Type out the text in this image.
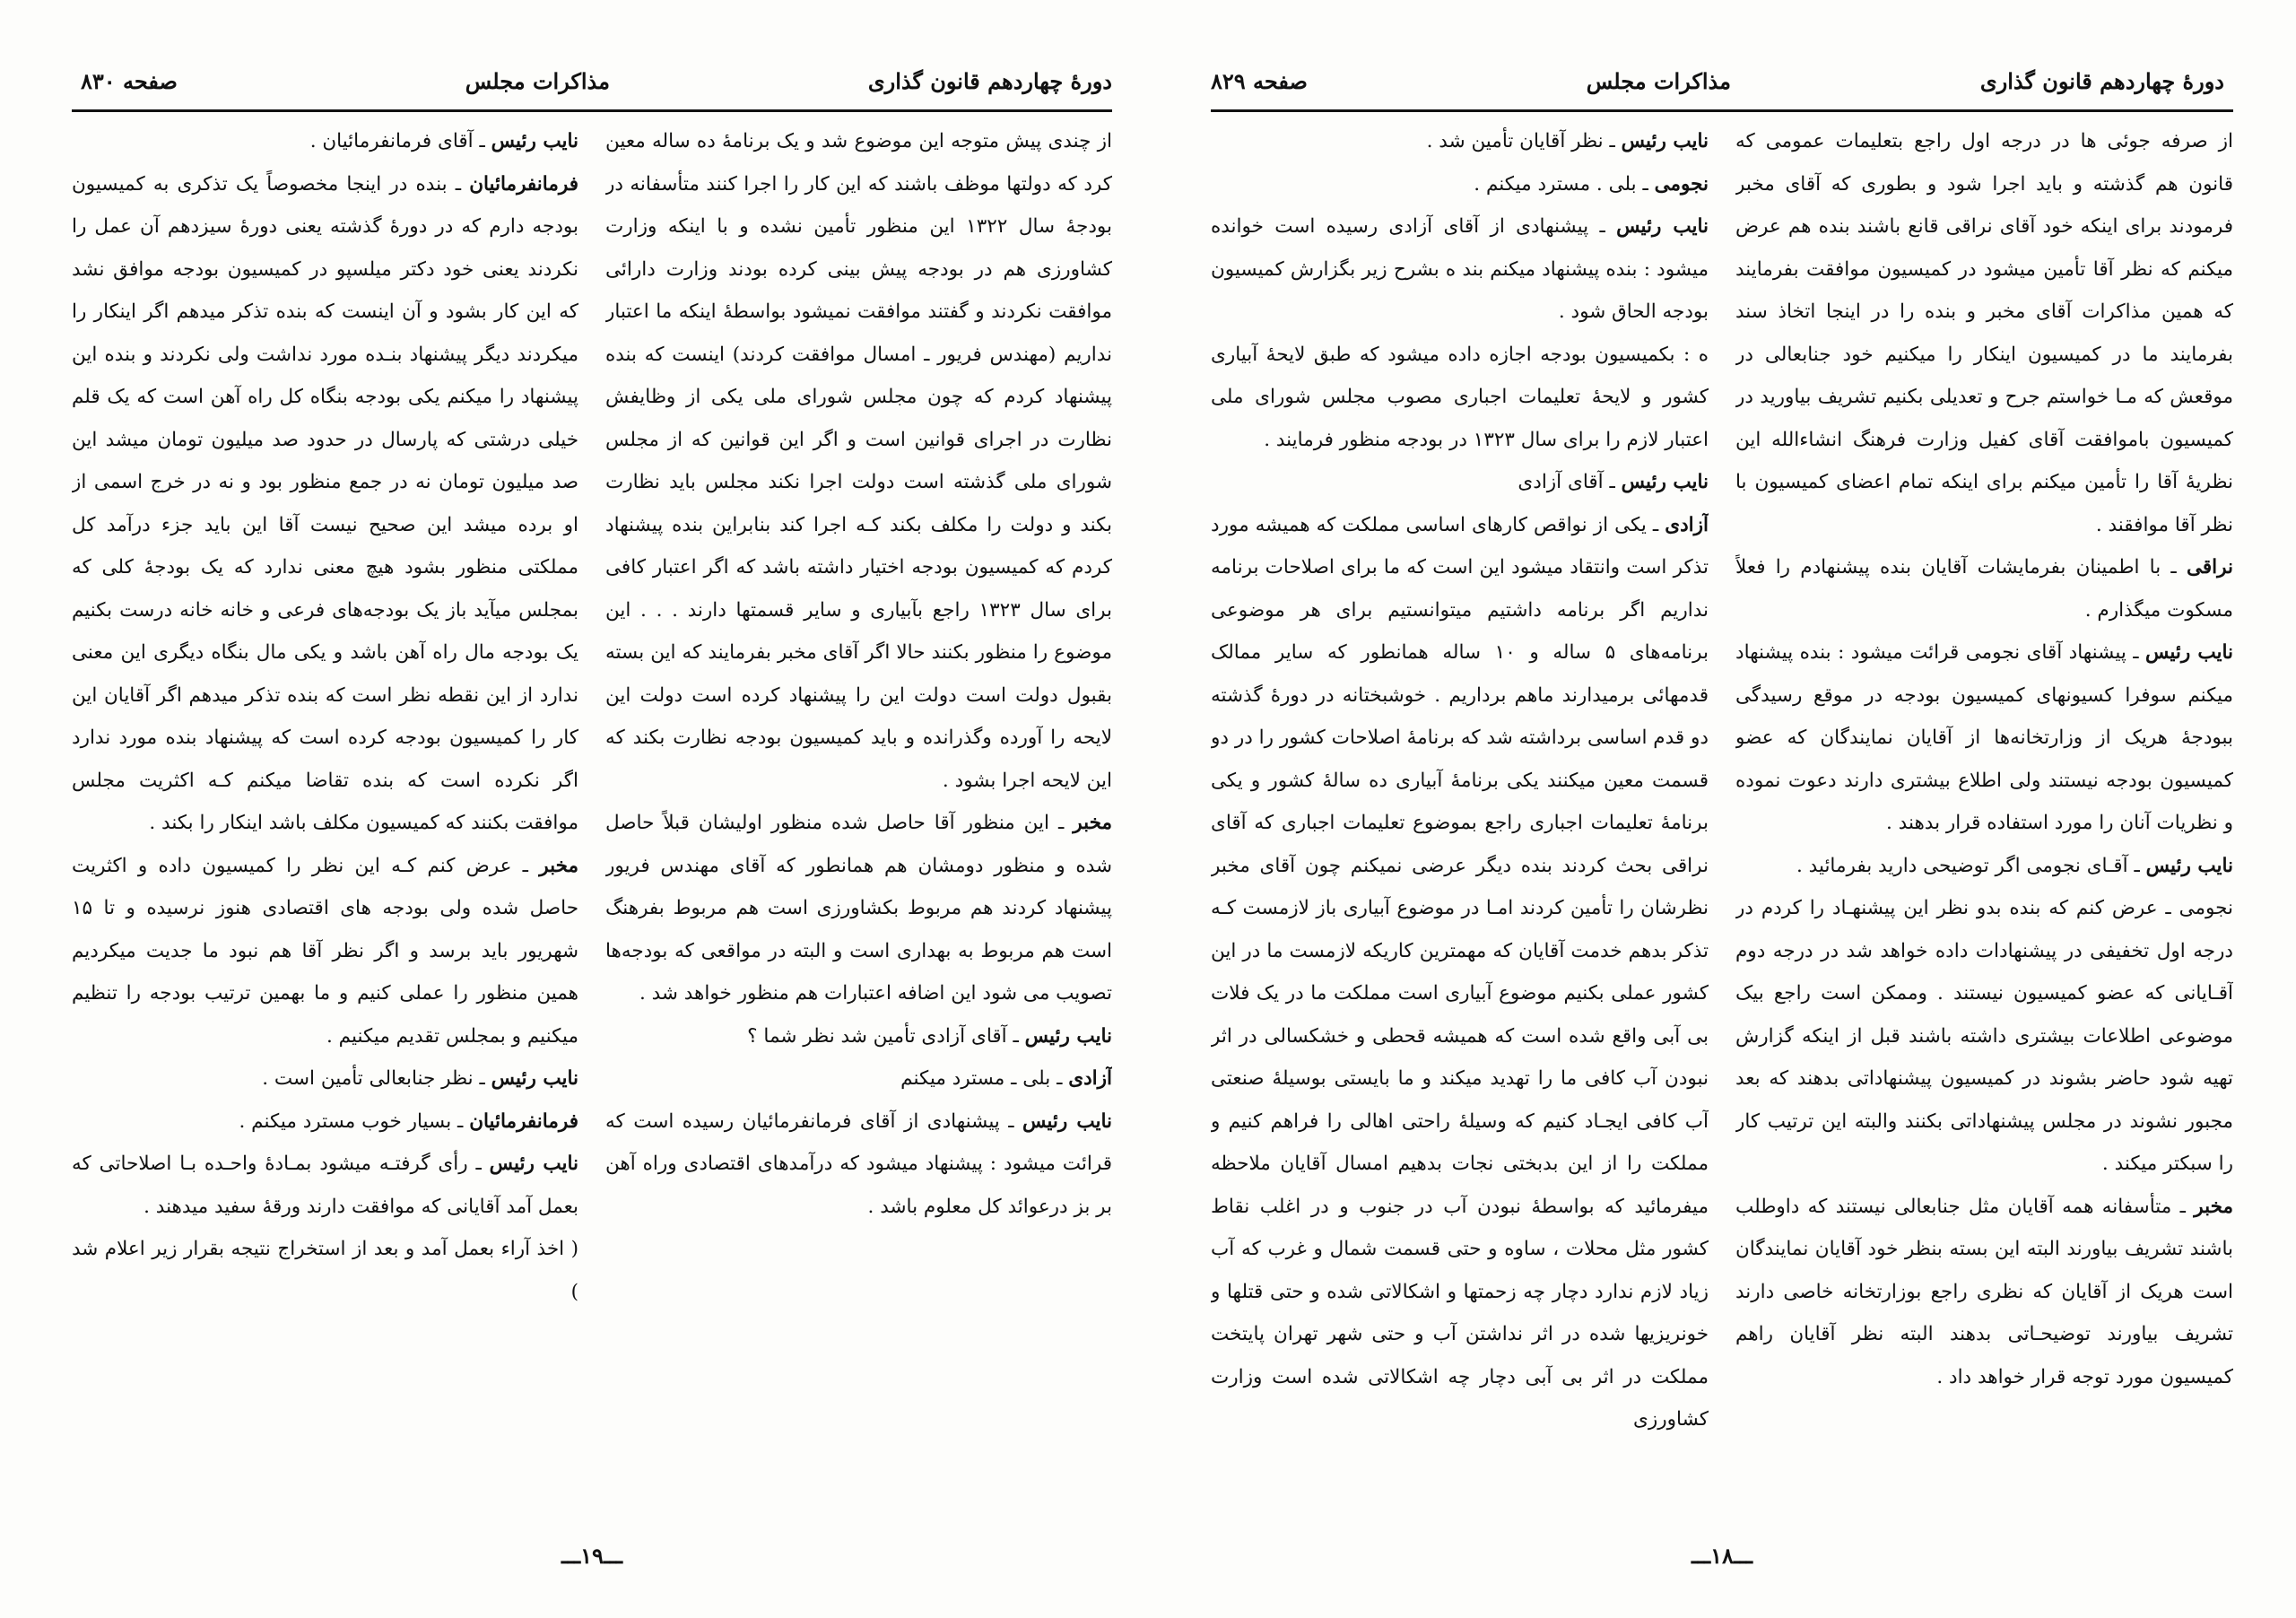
دورهٔ چهاردهم قانون گذاری
مذاکرات مجلس
صفحه ۸۳۰

از چندی پیش متوجه این موضوع شد و یک برنامهٔ ده ساله معین کرد که دولتها موظف باشند که این کار را اجرا کنند متأسفانه در بودجهٔ سال ۱۳۲۲ این منظور تأمین نشده و با اینکه وزارت کشاورزی هم در بودجه پیش بینی کرده بودند وزارت دارائی موافقت نکردند و گفتند موافقت نمیشود بواسطهٔ اینکه ما اعتبار نداریم (مهندس فریور ـ امسال موافقت کردند) اینست که بنده پیشنهاد کردم که چون مجلس شورای ملی یکی از وظایفش نظارت در اجرای قوانین است و اگر این قوانین که از مجلس شورای ملی گذشته است دولت اجرا نکند مجلس باید نظارت بکند و دولت را مکلف بکند کـه اجرا کند بنابراین بنده پیشنهاد کردم که کمیسیون بودجه اختیار داشته باشد که اگر اعتبار کافی برای سال ۱۳۲۳ راجع بآبیاری و سایر قسمتها دارند . . . این موضوع را منظور بکنند حالا اگر آقای مخبر بفرمایند که این بسته بقبول دولت است دولت این را پیشنهاد کرده است دولت این لایحه را آورده وگذرانده و باید کمیسیون بودجه نظارت بکند که این لایحه اجرا بشود .

مخبر ـ این منظور آقا حاصل شده منظور اولیشان قبلاً حاصل شده و منظور دومشان هم همانطور که آقای مهندس فریور پیشنهاد کردند هم مربوط بکشاورزی است هم مربوط بفرهنگ است هم مربوط به بهداری است و البته در مواقعی که بودجه‌ها تصویب می شود این اضافه اعتبارات هم منظور خواهد شد .

نایب رئیس ـ آقای آزادی تأمین شد نظر شما ؟

آزادی ـ بلی ـ مسترد میکنم

نایب رئیس ـ پیشنهادی از آقای فرمانفرمائیان رسیده است که قرائت میشود : پیشنهاد میشود که درآمدهای اقتصادی وراه آهن بر بز درعوائد کل معلوم باشد .

نایب رئیس ـ آقای فرمانفرمائیان .

فرمانفرمائیان ـ بنده در اینجا مخصوصاً یک تذکری به کمیسیون بودجه دارم که در دورهٔ گذشته یعنی دورهٔ سیزدهم آن عمل را نکردند یعنی خود دکتر میلسپو در کمیسیون بودجه موافق نشد که این کار بشود و آن اینست که بنده تذکر میدهم اگر اینکار را میکردند دیگر پیشنهاد بنـده مورد نداشت ولی نکردند و بنده این پیشنهاد را میکنم یکی بودجه بنگاه کل راه آهن است که یک قلم خیلی درشتی که پارسال در حدود صد میلیون تومان میشد این صد میلیون تومان نه در جمع منظور بود و نه در خرج اسمی از او برده میشد این صحیح نیست آقا این باید جزء درآمد کل مملکتی منظور بشود هیچ معنی ندارد که یک بودجهٔ کلی که بمجلس میآید باز یک بودجه‌های فرعی و خانه خانه درست بکنیم یک بودجه مال راه آهن باشد و یکی مال بنگاه دیگری این معنی ندارد از این نقطه نظر است که بنده تذکر میدهم اگر آقایان این کار را کمیسیون بودجه کرده است که پیشنهاد بنده مورد ندارد اگر نکرده است که بنده تقاضا میکنم کـه اکثریت مجلس موافقت بکنند که کمیسیون مکلف باشد اینکار را بکند .

مخبر ـ عرض کنم کـه این نظر را کمیسیون داده و اکثریت حاصل شده ولی بودجه های اقتصادی هنوز نرسیده و تا ۱۵ شهریور باید برسد و اگر نظر آقا هم نبود ما جدیت میکردیم همین منظور را عملی کنیم و ما بهمین ترتیب بودجه را تنظیم میکنیم و بمجلس تقدیم میکنیم .

نایب رئیس ـ نظر جنابعالی تأمین است .

فرمانفرمائیان ـ بسیار خوب مسترد میکنم .

نایب رئیس ـ رأی گرفتـه میشود بمـادهٔ واحـده بـا اصلاحاتی که بعمل آمد آقایانی که موافقت دارند ورقهٔ سفید میدهند .

( اخذ آراء بعمل آمد و بعد از استخراج نتیجه بقرار زیر اعلام شد )

ـــ۱۹ـــ
دورهٔ چهاردهم قانون گذاری
مذاکرات مجلس
صفحه ۸۲۹

از صرفه جوئی ها در درجه اول راجع بتعلیمات عمومی که قانون هم گذشته و باید اجرا شود و بطوری که آقای مخبر فرمودند برای اینکه خود آقای نراقی قانع باشند بنده هم عرض میکنم که نظر آقا تأمین میشود در کمیسیون موافقت بفرمایند که همین مذاکرات آقای مخبر و بنده را در اینجا اتخاذ سند بفرمایند ما در کمیسیون اینکار را میکنیم خود جنابعالی در موقعش که مـا خواستم جرح و تعدیلی بکنیم تشریف بیاورید در کمیسیون باموافقت آقای کفیل وزارت فرهنگ انشاءالله این نظریهٔ آقا را تأمین میکنم برای اینکه تمام اعضای کمیسیون با نظر آقا موافقند .

نراقی ـ با اطمینان بفرمایشات آقایان بنده پیشنهادم را فعلاً مسکوت میگذارم .

نایب رئیس ـ پیشنهاد آقای نجومی قرائت میشود : بنده پیشنهاد میکنم سوفرا کسیونهای کمیسیون بودجه در موقع رسیدگی ببودجهٔ هریک از وزارتخانه‌ها از آقایان نمایندگان که عضو کمیسیون بودجه نیستند ولی اطلاع بیشتری دارند دعوت نموده و نظریات آنان را مورد استفاده قرار بدهند .

نایب رئیس ـ آقـای نجومی اگر توضیحی دارید بفرمائید .

نجومی ـ عرض کنم که بنده بدو نظر این پیشنهـاد را کردم در درجه اول تخفیفی در پیشنهادات داده خواهد شد در درجه دوم آقـایانی که عضو کمیسیون نیستند . وممکن است راجع بیک موضوعی اطلاعات بیشتری داشته باشند قبل از اینکه گزارش تهیه شود حاضر بشوند در کمیسیون پیشنهاداتی بدهند که بعد مجبور نشوند در مجلس پیشنهاداتی بکنند والبته این ترتیب کار را سبکتر میکند .

مخبر ـ متأسفانه همه آقایان مثل جنابعالی نیستند که داوطلب باشند تشریف بیاورند البته این بسته بنظر خود آقایان نمایندگان است هریک از آقایان که نظری راجع بوزارتخانه خاصی دارند تشریف بیاورند توضیحـاتی بدهند البته نظر آقایان راهم کمیسیون مورد توجه قرار خواهد داد .

نایب رئیس ـ نظر آقایان تأمین شد .

نجومی ـ بلی . مسترد میکنم .

نایب رئیس ـ پیشنهادی از آقای آزادی رسیده است خوانده میشود : بنده پیشنهاد میکنم بند ه بشرح زیر بگزارش کمیسیون بودجه الحاق شود .

ه : بکمیسیون بودجه اجازه داده میشود که طبق لایحهٔ آبیاری کشور و لایحهٔ تعلیمات اجباری مصوب مجلس شورای ملی اعتبار لازم را برای سال ۱۳۲۳ در بودجه منظور فرمایند .

نایب رئیس ـ آقای آزادی

آزادی ـ یکی از نواقص کارهای اساسی مملکت که همیشه مورد تذکر است وانتقاد میشود این است که ما برای اصلاحات برنامه نداریم اگر برنامه داشتیم میتوانستیم برای هر موضوعی برنامه‌های ۵ ساله و ۱۰ ساله همانطور که سایر ممالک قدمهائی برمیدارند ماهم برداریم . خوشبختانه در دورهٔ گذشته دو قدم اساسی برداشته شد که برنامهٔ اصلاحات کشور را در دو قسمت معین میکنند یکی برنامهٔ آبیاری ده سالهٔ کشور و یکی برنامهٔ تعلیمات اجباری راجع بموضوع تعلیمات اجباری که آقای نراقی بحث کردند بنده دیگر عرضی نمیکنم چون آقای مخبر نظرشان را تأمین کردند امـا در موضوع آبیاری باز لازمست کـه تذکر بدهم خدمت آقایان که مهمترین کاریکه لازمست ما در این کشور عملی بکنیم موضوع آبیاری است مملکت ما در یک فلات بی آبی واقع شده است که همیشه قحطی و خشکسالی در اثر نبودن آب کافی ما را تهدید میکند و ما بایستی بوسیلهٔ صنعتی آب کافی ایجـاد کنیم که وسیلهٔ راحتی اهالی را فراهم کنیم و مملکت را از این بدبختی نجات بدهیم امسال آقایان ملاحظه میفرمائید که بواسطهٔ نبودن آب در جنوب و در اغلب نقاط کشور مثل محلات ، ساوه و حتی قسمت شمال و غرب که آب زیاد لازم ندارد دچار چه زحمتها و اشکالاتی شده و حتی قتلها و خونریزیها شده در اثر نداشتن آب و حتی شهر تهران پایتخت مملکت در اثر بی آبی دچار چه اشکالاتی شده است وزارت کشاورزی

ـــ۱۸ـــ
